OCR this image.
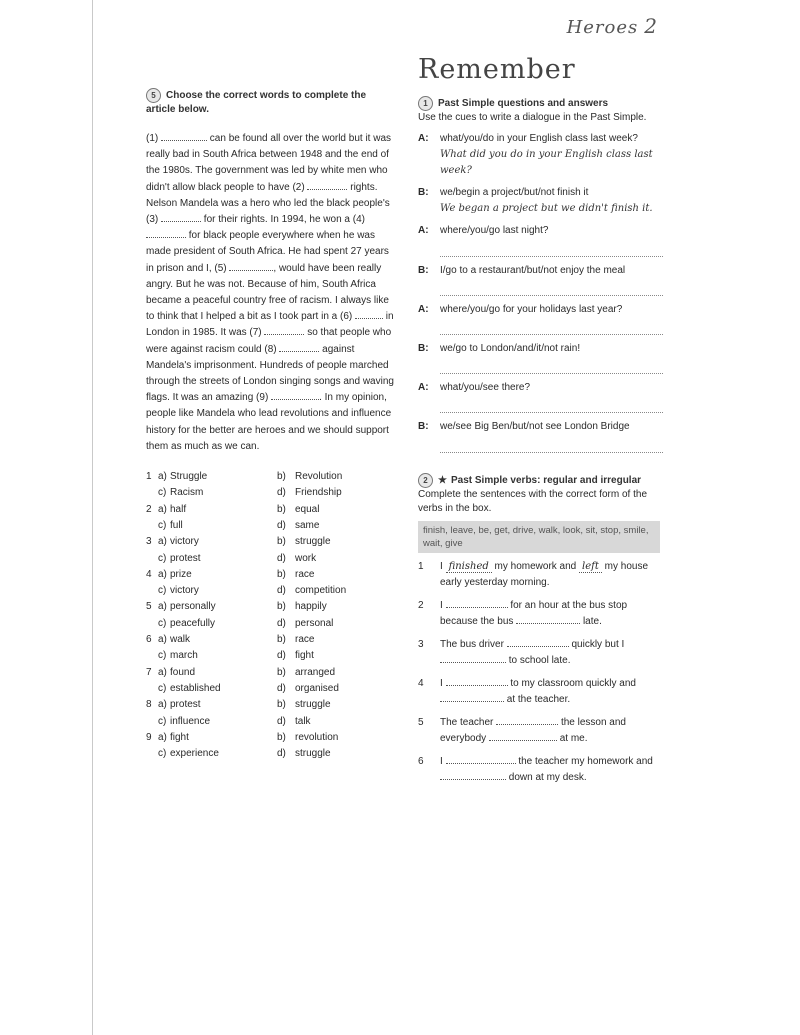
Heroes 2
Remember
5 Choose the correct words to complete the article below.
(1)	can be found all over the world but it was really bad in South Africa between 1948 and the end of the 1980s. The government was led by white men who didn't allow black people to have (2)	rights. Nelson Mandela was a hero who led the black people's (3)	for their rights. In 1994, he won a (4)  for black people everywhere when he was made president of South Africa. He had spent 27 years in prison and I, (5)	, would have been really angry. But he was not. Because of him, South Africa became a peaceful country free of racism. I always like to think that I helped a bit as I took part in a (6)	in London in 1985. It was (7)	so that people who were against racism could (8)	against Mandela's imprisonment. Hundreds of people marched through the streets of London singing songs and waving flags. It was an amazing (9)	. In my opinion, people like Mandela who lead revolutions and influence history for the better are heroes and we should support them as much as we can.
1 a) Struggle	b) Revolution
c) Racism	d) Friendship
2 a) half	b) equal
c) full	d) same
3 a) victory	b) struggle
c) protest	d) work
4 a) prize	b) race
c) victory	d) competition
5 a) personally	b) happily
c) peacefully	d) personal
6 a) walk	b) race
c) march	d) fight
7 a) found	b) arranged
c) established	d) organised
8 a) protest	b) struggle
c) influence	d) talk
9 a) fight	b) revolution
c) experience	d) struggle
1 Past Simple questions and answers
Use the cues to write a dialogue in the Past Simple.
A:	what/you/do in your English class last week?
What did you do in your English class last week?
B:	we/begin a project/but/not finish it
We began a project but we didn't finish it.
A:	where/you/go last night?
B:	I/go to a restaurant/but/not enjoy the meal
A:	where/you/go for your holidays last year?
B:	we/go to London/and/it/not rain!
A:	what/you/see there?
B:	we/see Big Ben/but/not see London Bridge
2 ★ Past Simple verbs: regular and irregular
Complete the sentences with the correct form of the verbs in the box.
finish, leave, be, get, drive, walk, look, sit, stop, smile, wait, give
1	I finished my homework and left my house early yesterday morning.
2	I	for an hour at the bus stop because the bus	late.
3	The bus driver	quickly but I  to school late.
4	I	to my classroom quickly and  at the teacher.
5	The teacher	the lesson and everybody	at me.
6	I	the teacher my homework and  down at my desk.
